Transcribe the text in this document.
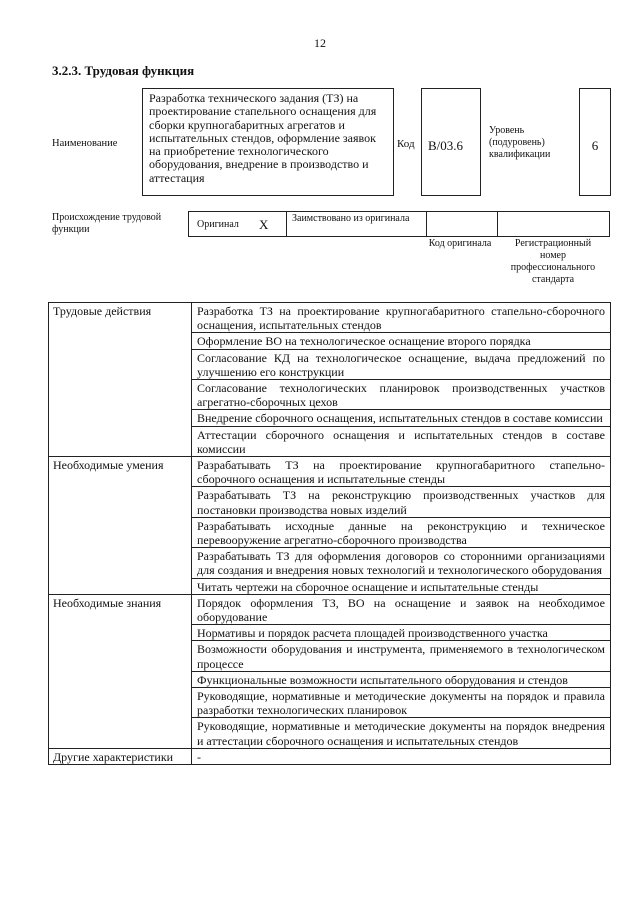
12
3.2.3. Трудовая функция
Наименование
Разработка технического задания (ТЗ) на проектирование стапельного оснащения для сборки крупногабаритных агрегатов и испытательных стендов, оформление заявок на приобретение технологического оборудования, внедрение в производство и аттестация
Код	B/03.6
Уровень (подуровень) квалификации
6
Происхождение трудовой функции	Оригинал X Заимствовано из оригинала
Код оригинала	Регистрационный номер профессионального стандарта
Трудовые действия	Разработка ТЗ на проектирование крупногабаритного стапельно-сборочного оснащения, испытательных стендов
	Оформление ВО на технологическое оснащение второго порядка
	Согласование КД на технологическое оснащение, выдача предложений по улучшению его конструкции
	Согласование технологических планировок производственных участков агрегатно-сборочных цехов
	Внедрение сборочного оснащения, испытательных стендов в составе комиссии
	Аттестации сборочного оснащения и испытательных стендов в составе комиссии
Необходимые умения	Разрабатывать ТЗ на проектирование крупногабаритного стапельно-сборочного оснащения и испытательные стенды
	Разрабатывать ТЗ на реконструкцию производственных участков для постановки производства новых изделий
	Разрабатывать исходные данные на реконструкцию и техническое перевооружение агрегатно-сборочного производства
	Разрабатывать ТЗ для оформления договоров со сторонними организациями для создания и внедрения новых технологий и технологического оборудования
	Читать чертежи на сборочное оснащение и испытательные стенды
Необходимые знания	Порядок оформления ТЗ, ВО на оснащение и заявок на необходимое оборудование
	Нормативы и порядок расчета площадей производственного участка
	Возможности оборудования и инструмента, применяемого в технологическом процессе
	Функциональные возможности испытательного оборудования и стендов
	Руководящие, нормативные и методические документы на порядок и правила разработки технологических планировок
	Руководящие, нормативные и методические документы на порядок внедрения и аттестации сборочного оснащения и испытательных стендов
Другие характеристики	-
